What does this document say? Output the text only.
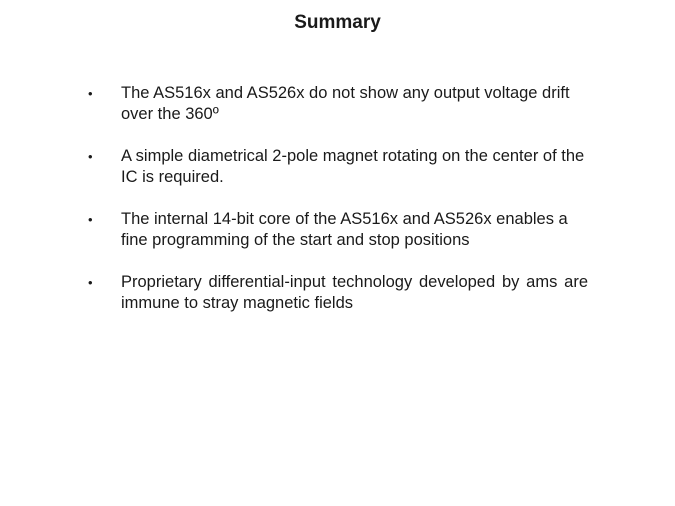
Summary
•	The AS516x and AS526x do not show any output voltage drift over the 360º
•	A simple diametrical 2-pole magnet rotating on the center of the IC is required.
•	The internal 14-bit core of the AS516x and AS526x enables a fine programming of the start and stop positions
•	Proprietary differential-input technology developed by ams are immune to stray magnetic fields
